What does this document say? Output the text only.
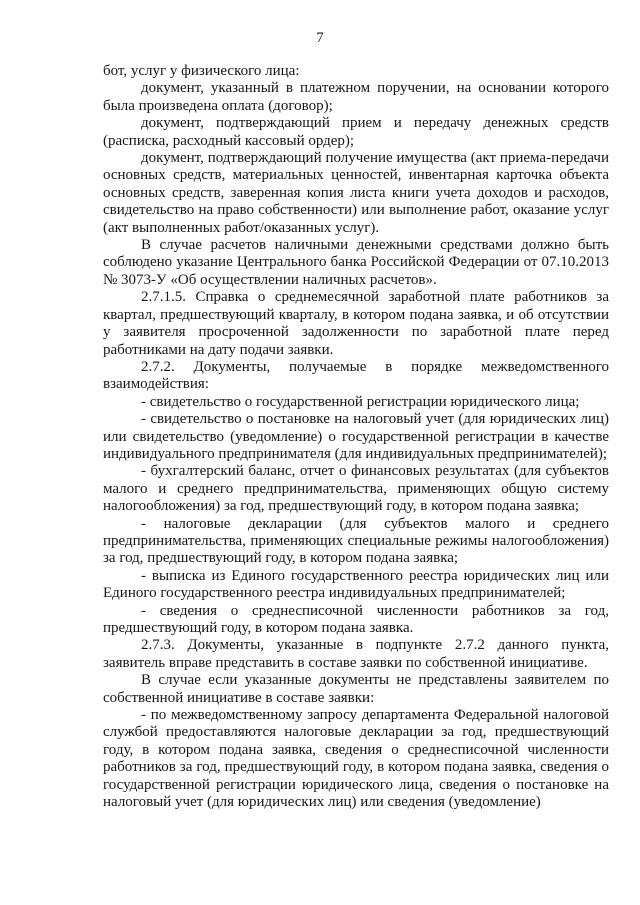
7

бот, услуг у физического лица:

документ, указанный в платежном поручении, на основании которого была произведена оплата (договор);

документ, подтверждающий прием и передачу денежных средств (расписка, расходный кассовый ордер);

документ, подтверждающий получение имущества (акт приема-передачи основных средств, материальных ценностей, инвентарная карточка объекта основных средств, заверенная копия листа книги учета доходов и расходов, свидетельство на право собственности) или выполнение работ, оказание услуг (акт выполненных работ/оказанных услуг).

В случае расчетов наличными денежными средствами должно быть соблюдено указание Центрального банка Российской Федерации от 07.10.2013 № 3073-У «Об осуществлении наличных расчетов».

2.7.1.5. Справка о среднемесячной заработной плате работников за квартал, предшествующий кварталу, в котором подана заявка, и об отсутствии у заявителя просроченной задолженности по заработной плате перед работниками на дату подачи заявки.

2.7.2. Документы, получаемые в порядке межведомственного взаимодействия:

- свидетельство о государственной регистрации юридического лица;

- свидетельство о постановке на налоговый учет (для юридических лиц) или свидетельство (уведомление) о государственной регистрации в качестве индивидуального предпринимателя (для индивидуальных предпринимателей);

- бухгалтерский баланс, отчет о финансовых результатах (для субъектов малого и среднего предпринимательства, применяющих общую систему налогообложения) за год, предшествующий году, в котором подана заявка;

- налоговые декларации (для субъектов малого и среднего предпринимательства, применяющих специальные режимы налогообложения) за год, предшествующий году, в котором подана заявка;

- выписка из Единого государственного реестра юридических лиц или Единого государственного реестра индивидуальных предпринимателей;

- сведения о среднесписочной численности работников за год, предшествующий году, в котором подана заявка.

2.7.3. Документы, указанные в подпункте 2.7.2 данного пункта, заявитель вправе представить в составе заявки по собственной инициативе.

В случае если указанные документы не представлены заявителем по собственной инициативе в составе заявки:

- по межведомственному запросу департамента Федеральной налоговой службой предоставляются налоговые декларации за год, предшествующий году, в котором подана заявка, сведения о среднесписочной численности работников за год, предшествующий году, в котором подана заявка, сведения о государственной регистрации юридического лица, сведения о постановке на налоговый учет (для юридических лиц) или сведения (уведомление)
